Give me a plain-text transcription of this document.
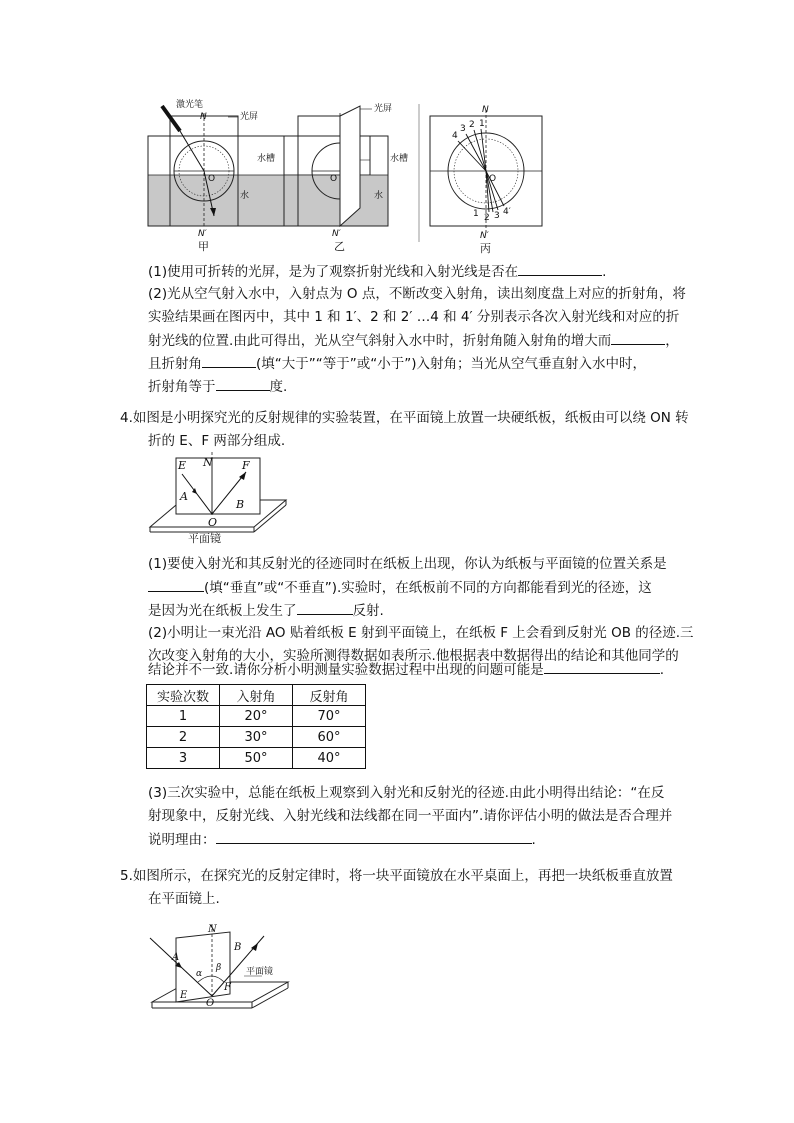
激光笔
光屏
N
O
水槽
水
N′
甲
光屏
O
水槽
水
N′
乙
N
4
3 2 1
O
1 2 3 4′
N′
丙
(1)使用可折转的光屏，是为了观察折射光线和入射光线是否在	.
(2)光从空气射入水中，入射点为 O 点，不断改变入射角，读出刻度盘上对应的折射角，将
实验结果画在图丙中，其中 1 和 1′、2 和 2′ …4 和 4′ 分别表示各次入射光线和对应的折
射光线的位置.由此可得出，光从空气斜射入水中时，折射角随入射角的增大而	，
且折射角	(填“大于”“等于”或“小于”)入射角；当光从空气垂直射入水中时，
折射角等于	度.
4.如图是小明探究光的反射规律的实验装置，在平面镜上放置一块硬纸板，纸板由可以绕 ON 转
折的 E、F 两部分组成.
E N	F
A
B
O
平面镜
(1)要使入射光和其反射光的径迹同时在纸板上出现，你认为纸板与平面镜的位置关系是
(填“垂直”或“不垂直”).实验时，在纸板前不同的方向都能看到光的径迹，这
是因为光在纸板上发生了	反射.
(2)小明让一束光沿 AO 贴着纸板 E 射到平面镜上，在纸板 F 上会看到反射光 OB 的径迹.三
次改变入射角的大小，实验所测得数据如表所示.他根据表中数据得出的结论和其他同学的
结论并不一致.请你分析小明测量实验数据过程中出现的问题可能是	.
实验次数	入射角	反射角
1	20°	70°
2	30°	60°
3	50°	40°
(3)三次实验中，总能在纸板上观察到入射光和反射光的径迹.由此小明得出结论：“在反
射现象中，反射光线、入射光线和法线都在同一平面内”.请你评估小明的做法是否合理并
说明理由：	.
5.如图所示，在探究光的反射定律时，将一块平面镜放在水平桌面上，再把一块纸板垂直放置
在平面镜上.
N
A
B
α
β	平面镜
E
F
O
